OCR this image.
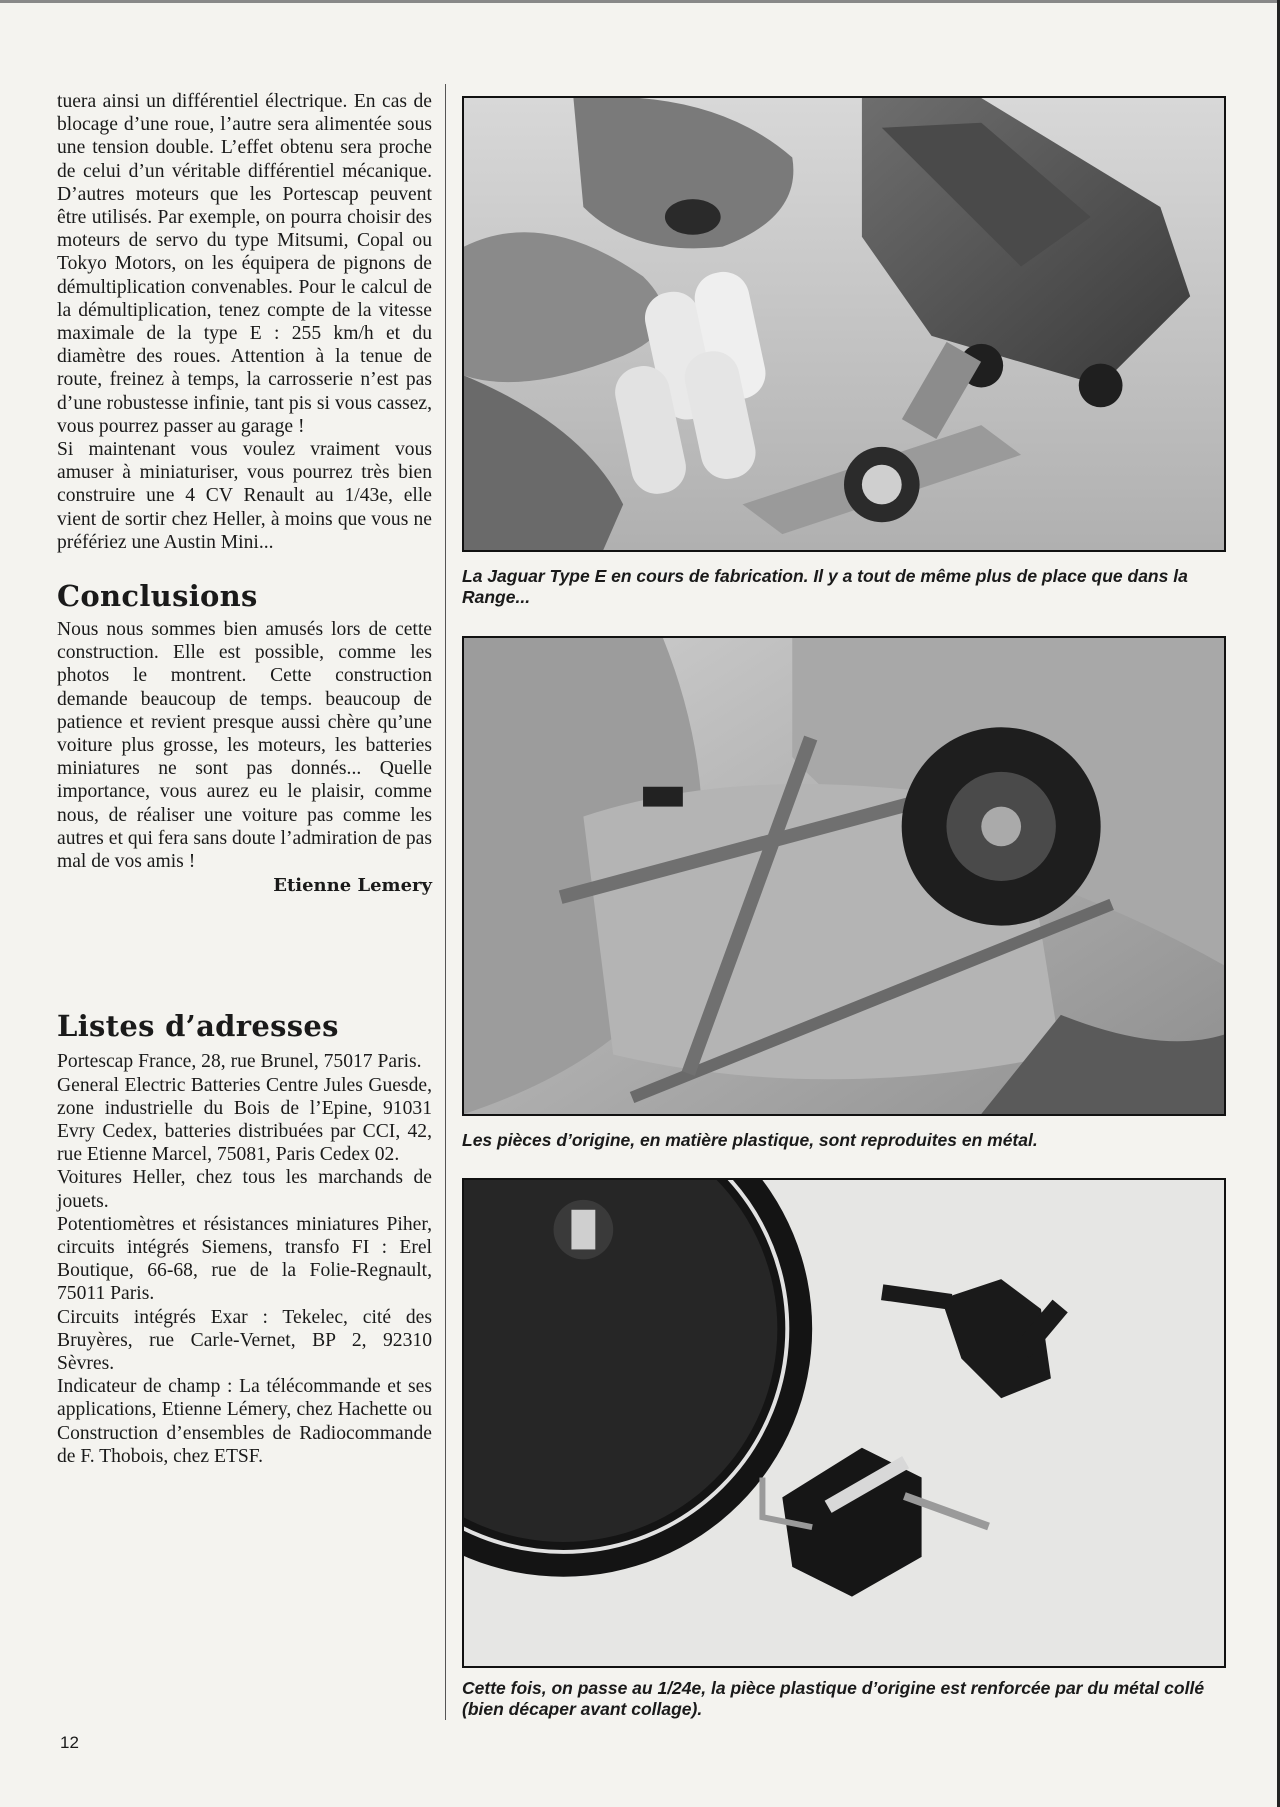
tuera ainsi un différentiel électrique. En cas de blocage d’une roue, l’autre sera alimentée sous une tension double. L’effet obtenu sera proche de celui d’un véritable différentiel mécanique. D’autres moteurs que les Portescap peuvent être utilisés. Par exemple, on pourra choisir des moteurs de servo du type Mitsumi, Copal ou Tokyo Motors, on les équipera de pignons de démultiplication convenables. Pour le calcul de la démultiplication, tenez compte de la vitesse maximale de la type E : 255 km/h et du diamètre des roues. Attention à la tenue de route, freinez à temps, la carrosserie n’est pas d’une robustesse infinie, tant pis si vous cassez, vous pourrez passer au garage !
Si maintenant vous voulez vraiment vous amuser à miniaturiser, vous pourrez très bien construire une 4 CV Renault au 1/43e, elle vient de sortir chez Heller, à moins que vous ne préfériez une Austin Mini...

Conclusions

Nous nous sommes bien amusés lors de cette construction. Elle est possible, comme les photos le montrent. Cette construction demande beaucoup de temps. beaucoup de patience et revient presque aussi chère qu’une voiture plus grosse, les moteurs, les batteries miniatures ne sont pas donnés... Quelle importance, vous aurez eu le plaisir, comme nous, de réaliser une voiture pas comme les autres et qui fera sans doute l’admiration de pas mal de vos amis !

Etienne Lemery

Listes d’adresses

Portescap France, 28, rue Brunel, 75017 Paris.
General Electric Batteries Centre Jules Guesde, zone industrielle du Bois de l’Epine, 91031 Evry Cedex, batteries distribuées par CCI, 42, rue Etienne Marcel, 75081, Paris Cedex 02.
Voitures Heller, chez tous les marchands de jouets.
Potentiomètres et résistances miniatures Piher, circuits intégrés Siemens, transfo FI : Erel Boutique, 66-68, rue de la Folie-Regnault, 75011 Paris.
Circuits intégrés Exar : Tekelec, cité des Bruyères, rue Carle-Vernet, BP 2, 92310 Sèvres.
Indicateur de champ : La télécommande et ses applications, Etienne Lémery, chez Hachette ou Construction d’ensembles de Radiocommande de F. Thobois, chez ETSF.

La Jaguar Type E en cours de fabrication. Il y a tout de même plus de place que dans la Range...

Les pièces d’origine, en matière plastique, sont reproduites en métal.

Cette fois, on passe au 1/24e, la pièce plastique d’origine est renforcée par du métal collé (bien décaper avant collage).

12
